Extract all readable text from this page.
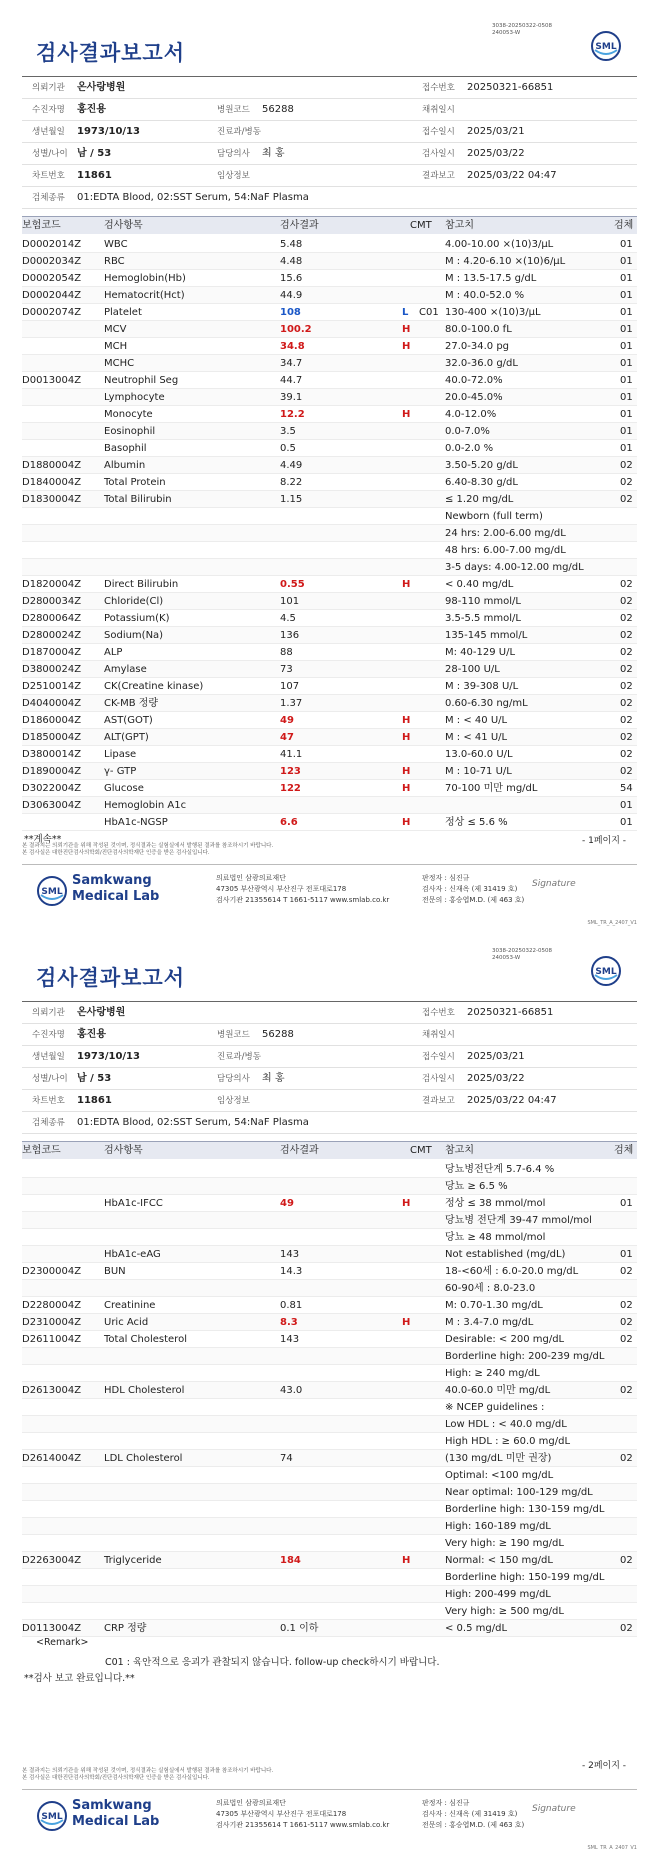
3038-20250322-0508
240053-W
검사결과보고서	SML
의뢰기관 온사랑병원	접수번호 20250321-66851
수진자명 홍진용	병원코드 56288	채취일시
생년월일 1973/10/13	진료과/병동	접수일시 2025/03/21
성별/나이 남 / 53	담당의사 최 홍	검사일시 2025/03/22
차트번호 11861	임상정보	결과보고 2025/03/22 04:47
검체종류 01:EDTA Blood, 02:SST Serum, 54:NaF Plasma
보험코드	검사항목	검사결과	CMT 참고치	검체
D0002014Z WBC	5.48	4.00-10.00 ×(10)3/μL	01
D0002034Z RBC	4.48	M : 4.20-6.10 ×(10)6/μL	01
D0002054Z Hemoglobin(Hb)	15.6	M : 13.5-17.5 g/dL	01
D0002044Z Hematocrit(Hct)	44.9	M : 40.0-52.0 %	01
D0002074Z Platelet	108	L C01 130-400 ×(10)3/μL	01
MCV	100.2	H	80.0-100.0 fL	01
MCH	34.8	H	27.0-34.0 pg	01
MCHC	34.7	32.0-36.0 g/dL	01
D0013004Z Neutrophil Seg	44.7	40.0-72.0%	01
Lymphocyte	39.1	20.0-45.0%	01
Monocyte	12.2	H	4.0-12.0%	01
Eosinophil	3.5	0.0-7.0%	01
Basophil	0.5	0.0-2.0 %	01
D1880004Z Albumin	4.49	3.50-5.20 g/dL	02
D1840004Z Total Protein	8.22	6.40-8.30 g/dL	02
D1830004Z Total Bilirubin	1.15	≤ 1.20 mg/dL	02
Newborn (full term)
24 hrs: 2.00-6.00 mg/dL
48 hrs: 6.00-7.00 mg/dL
3-5 days: 4.00-12.00 mg/dL
D1820004Z Direct Bilirubin	0.55	H	< 0.40 mg/dL	02
D2800034Z Chloride(Cl)	101	98-110 mmol/L	02
D2800064Z Potassium(K)	4.5	3.5-5.5 mmol/L	02
D2800024Z Sodium(Na)	136	135-145 mmol/L	02
D1870004Z ALP	88	M: 40-129 U/L	02
D3800024Z Amylase	73	28-100 U/L	02
D2510014Z CK(Creatine kinase)	107	M : 39-308 U/L	02
D4040004Z CK-MB 정량	1.37	0.60-6.30 ng/mL	02
D1860004Z AST(GOT)	49	H	M : < 40 U/L	02
D1850004Z ALT(GPT)	47	H	M : < 41 U/L	02
D3800014Z Lipase	41.1	13.0-60.0 U/L	02
D1890004Z γ- GTP	123	H	M : 10-71 U/L	02
D3022004Z Glucose	122	H	70-100 미만 mg/dL	54
D3063004Z Hemoglobin A1c	01
HbA1c-NGSP	6.6	H	정상 ≤ 5.6 %	01
**계속**	- 1페이지 -
본 결과지는 의뢰기관을 위해 작성된 것이며, 정식결과는 실험실에서 발행된 결과를 참조하시기 바랍니다.
본 검사실은 대한진단검사의학회/진단검사의학재단 인증을 받은 검사실입니다.
SML
Samkwang
Medical Lab
의료법인 삼광의료재단
47305 부산광역시 부산진구 전포대로178
검사기관 21355614 T 1661-5117 www.smlab.co.kr
판정자 : 심진규
검사자 : 신재옥 (제 31419 호)
전문의 : 홍승엽M.D. (제 463 호)
Signature
SML_TR_A_2407_V1
3038-20250322-0508
240053-W
검사결과보고서	SML
의뢰기관 온사랑병원	접수번호 20250321-66851
수진자명 홍진용	병원코드 56288	채취일시
생년월일 1973/10/13	진료과/병동	접수일시 2025/03/21
성별/나이 남 / 53	담당의사 최 홍	검사일시 2025/03/22
차트번호 11861	임상정보	결과보고 2025/03/22 04:47
검체종류 01:EDTA Blood, 02:SST Serum, 54:NaF Plasma
보험코드	검사항목	검사결과	CMT 참고치	검체
당뇨병전단계 5.7-6.4 %
당뇨 ≥ 6.5 %
HbA1c-IFCC	49	H	정상 ≤ 38 mmol/mol	01
당뇨병 전단계 39-47 mmol/mol
당뇨 ≥ 48 mmol/mol
HbA1c-eAG	143	Not established (mg/dL)	01
D2300004Z BUN	14.3	18-<60세 : 6.0-20.0 mg/dL	02
60-90세 : 8.0-23.0
D2280004Z Creatinine	0.81	M: 0.70-1.30 mg/dL	02
D2310004Z Uric Acid	8.3	H	M : 3.4-7.0 mg/dL	02
D2611004Z Total Cholesterol	143	Desirable: < 200 mg/dL	02
Borderline high: 200-239 mg/dL
High: ≥ 240 mg/dL
D2613004Z HDL Cholesterol	43.0	40.0-60.0 미만 mg/dL	02
※ NCEP guidelines :
Low HDL : < 40.0 mg/dL
High HDL : ≥ 60.0 mg/dL
D2614004Z LDL Cholesterol	74	(130 mg/dL 미만 권장)	02
Optimal: <100 mg/dL
Near optimal: 100-129 mg/dL
Borderline high: 130-159 mg/dL
High: 160-189 mg/dL
Very high: ≥ 190 mg/dL
D2263004Z Triglyceride	184	H	Normal: < 150 mg/dL	02
Borderline high: 150-199 mg/dL
High: 200-499 mg/dL
Very high: ≥ 500 mg/dL
D0113004Z CRP 정량	0.1 이하	< 0.5 mg/dL	02
<Remark>
C01 : 육안적으로 응괴가 관찰되지 않습니다. follow-up check하시기 바랍니다.
**검사 보고 완료입니다.**
- 2페이지 -
본 결과지는 의뢰기관을 위해 작성된 것이며, 정식결과는 실험실에서 발행된 결과를 참조하시기 바랍니다.
본 검사실은 대한진단검사의학회/진단검사의학재단 인증을 받은 검사실입니다.
SML
Samkwang
Medical Lab
의료법인 삼광의료재단
47305 부산광역시 부산진구 전포대로178
검사기관 21355614 T 1661-5117 www.smlab.co.kr
판정자 : 심진규
검사자 : 신재옥 (제 31419 호)
전문의 : 홍승엽M.D. (제 463 호)
Signature
SML_TR_A_2407_V1
